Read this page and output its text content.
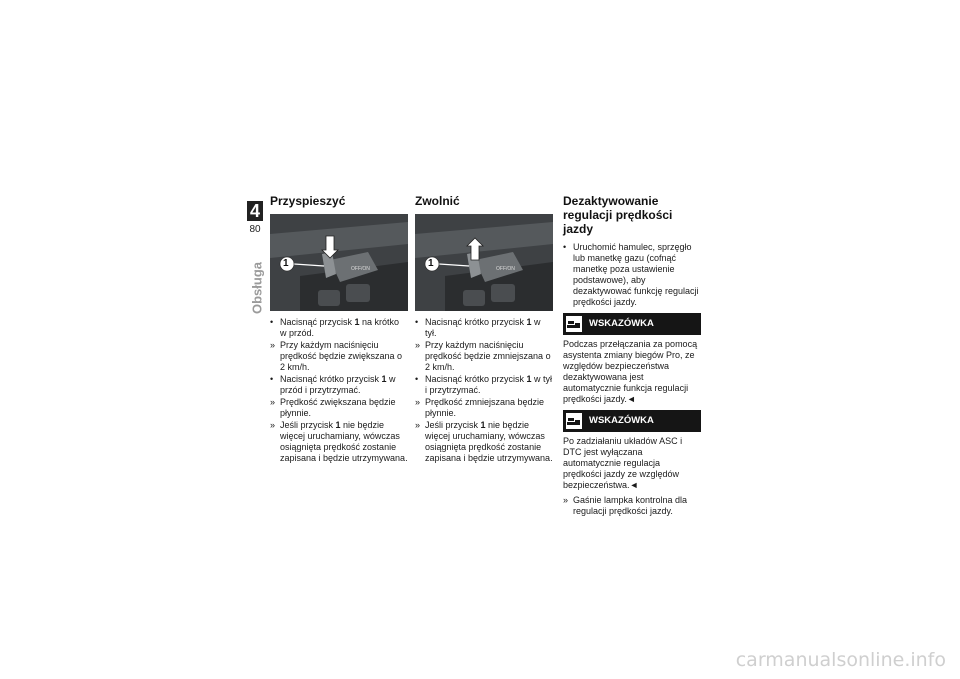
4
80
Obsługa
Przyspieszyć
OFF/ON
1
• Nacisnąć przycisk 1 na krótko w przód.
» Przy każdym naciśnięciu prędkość będzie zwiększana o 2 km/h.
• Nacisnąć krótko przycisk 1 w przód i przytrzymać.
» Prędkość zwiększana będzie płynnie.
» Jeśli przycisk 1 nie będzie więcej uruchamiany, wówczas osiągnięta prędkość zostanie zapisana i będzie utrzymywana.
Zwolnić
OFF/ON
1
• Nacisnąć krótko przycisk 1 w tył.
» Przy każdym naciśnięciu prędkość będzie zmniejszana o 2 km/h.
• Nacisnąć krótko przycisk 1 w tył i przytrzymać.
» Prędkość zmniejszana będzie płynnie.
» Jeśli przycisk 1 nie będzie więcej uruchamiany, wówczas osiągnięta prędkość zostanie zapisana i będzie utrzymywana.
Dezaktywowanie regulacji prędkości jazdy
• Uruchomić hamulec, sprzęgło lub manetkę gazu (cofnąć manetkę poza ustawienie podstawowe), aby dezaktywować funkcję regulacji prędkości jazdy.
WSKAZÓWKA

Podczas przełączania za pomocą asystenta zmiany biegów Pro, ze względów bezpieczeństwa dezaktywowana jest automatycznie funkcja regulacji prędkości jazdy.◄

WSKAZÓWKA

Po zadziałaniu układów ASC i DTC jest wyłączana automatycznie regulacja prędkości jazdy ze względów bezpieczeństwa.◄

» Gaśnie lampka kontrolna dla regulacji prędkości jazdy.
carmanualsonline.info
